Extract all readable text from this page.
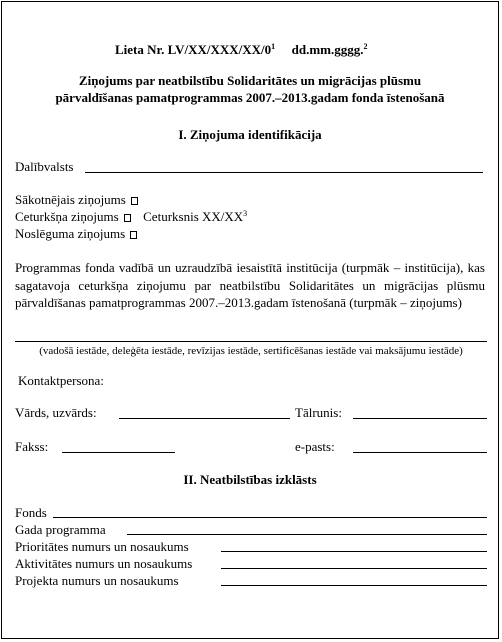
Lieta Nr. $LV/XX/XXX/XX/0^1$ dd.mm.gggg.$^2$
Ziņojums par neatbilstību Solidaritātes un migrācijas plūsmu
pārvaldīšanas pamatprogrammas 2007.–2013.gadam fonda īstenošanā
I. Ziņojuma identifikācija
Dalībvalsts
Sākotnējais ziņojums
Ceturkšņa ziņojums Ceturksnis $XX/XX^3$
Noslēguma ziņojums
Programmas fonda vadībā un uzraudzībā iesaistītā institūcija (turpmāk – institūcija), kas sagatavoja ceturkšņa ziņojumu par neatbilstību Solidaritātes un migrācijas plūsmu pārvaldīšanas pamatprogrammas 2007.–2013.gadam īstenošanā (turpmāk – ziņojums)
(vadošā iestāde, deleģēta iestāde, revīzijas iestāde, sertificēšanas iestāde vai maksājumu iestāde)
Kontaktpersona:
Vārds, uzvārds:	Tālrunis:
Fakss:	e-pasts:
II. Neatbilstības izklāsts
Fonds
Gada programma
Prioritātes numurs un nosaukums
Aktivitātes numurs un nosaukums
Projekta numurs un nosaukums
